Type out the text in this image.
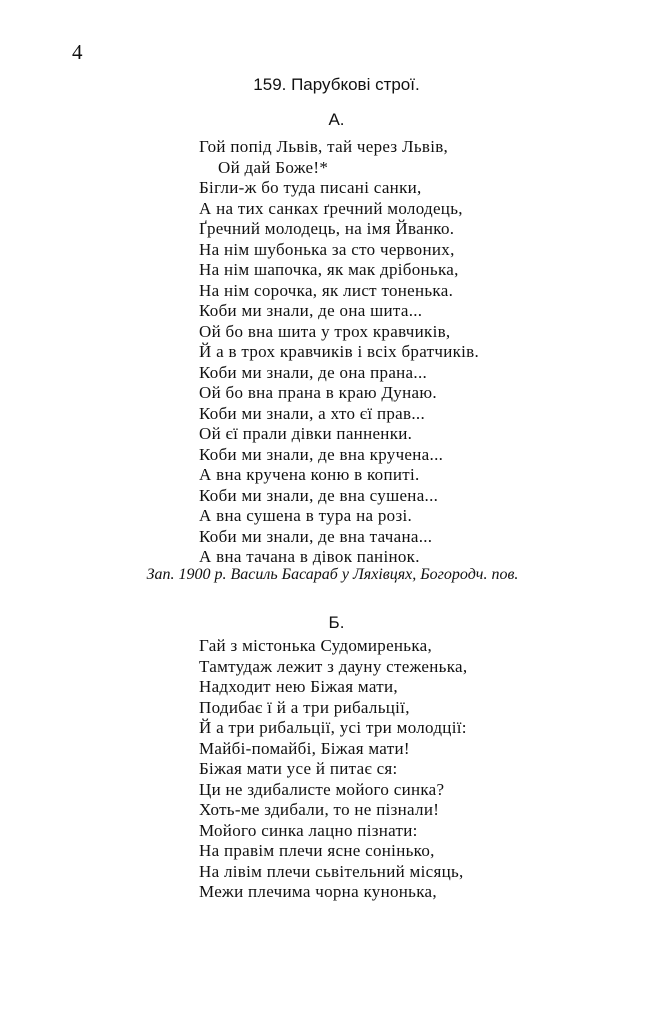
4
159. Парубкові строї.
А.
Гой попід Львів, тай через Львів,
Ой дай Боже!*
Бігли-ж бо туда писані санки,
А на тих санках ґречний молодець,
Ґречний молодець, на імя Йванко.
На нім шубонька за сто червоних,
На нім шапочка, як мак дрібонька,
На нім сорочка, як лист тоненька.
Коби ми знали, де она шита...
Ой бо вна шита у трох кравчиків,
Й а в трох кравчиків і всіх братчиків.
Коби ми знали, де она прана...
Ой бо вна прана в краю Дунаю.
Коби ми знали, а хто єї прав...
Ой єї прали дівки панненки.
Коби ми знали, де вна кручена...
А вна кручена коню в копиті.
Коби ми знали, де вна сушена...
А вна сушена в тура на розі.
Коби ми знали, де вна тачана...
А вна тачана в дівок панінок.
Зап. 1900 р. Василь Басараб у Ляхівцях, Богородч. пов.
Б.
Гай з містонька Судомиренька,
Тамтудаж лежит з дауну стеженька,
Надходит нею Біжая мати,
Подибає ї й а три рибальції,
Й а три рибальції, усі три молодції:
Майбі-помайбі, Біжая мати!
Біжая мати усе й питає ся:
Ци не здибалисте мойого синка?
Хоть-ме здибали, то не пізнали!
Мойого синка лацно пізнати:
На правім плечи ясне сонінько,
На лівім плечи сьвітельний місяць,
Межи плечима чорна кунонька,
